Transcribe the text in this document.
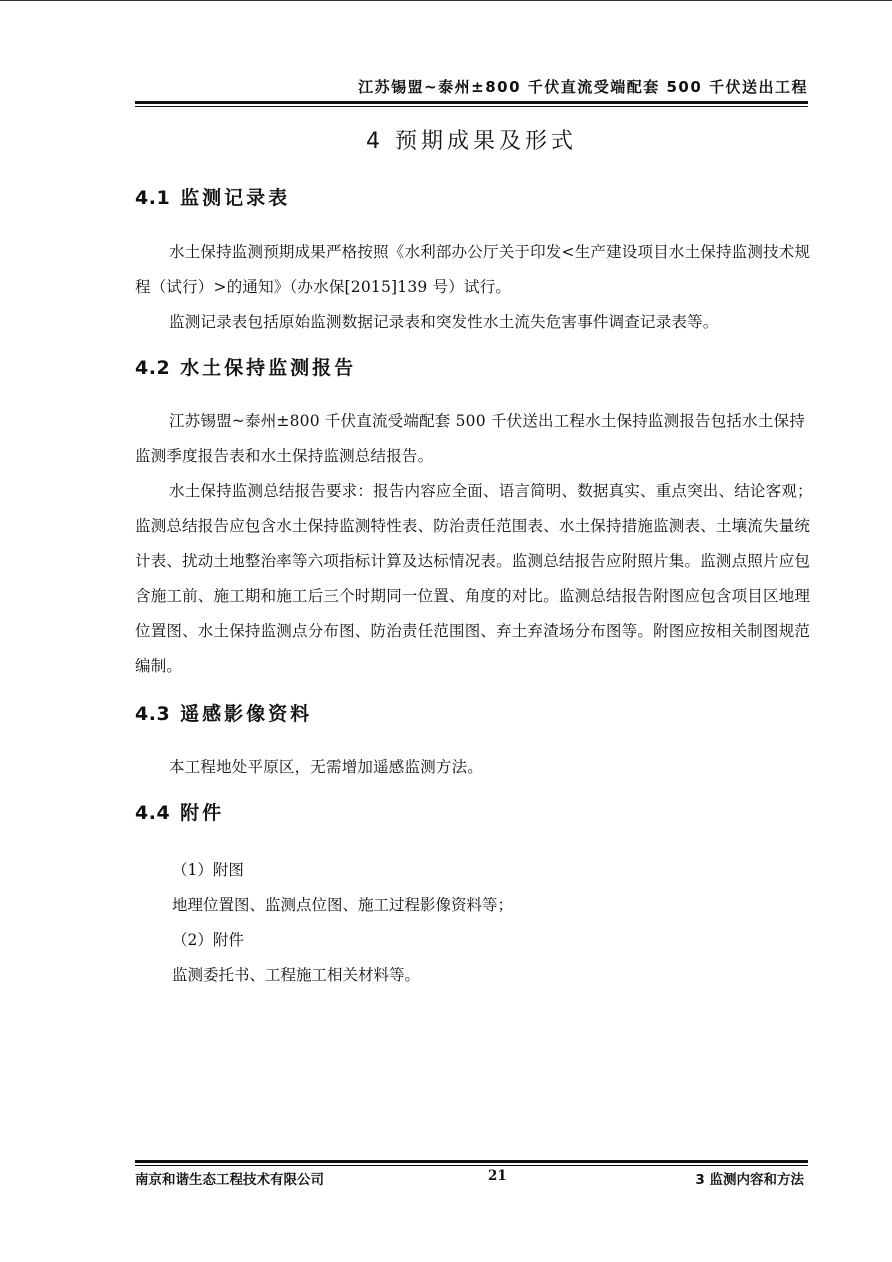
江苏锡盟~泰州±800 千伏直流受端配套 500 千伏送出工程
4 预期成果及形式
4.1 监测记录表
水土保持监测预期成果严格按照《水利部办公厅关于印发<生产建设项目水土保持监测技术规程（试行）>的通知》（办水保[2015]139 号）试行。
监测记录表包括原始监测数据记录表和突发性水土流失危害事件调查记录表等。
4.2 水土保持监测报告
江苏锡盟~泰州±800 千伏直流受端配套 500 千伏送出工程水土保持监测报告包括水土保持监测季度报告表和水土保持监测总结报告。
水土保持监测总结报告要求：报告内容应全面、语言简明、数据真实、重点突出、结论客观；监测总结报告应包含水土保持监测特性表、防治责任范围表、水土保持措施监测表、土壤流失量统计表、扰动土地整治率等六项指标计算及达标情况表。监测总结报告应附照片集。监测点照片应包含施工前、施工期和施工后三个时期同一位置、角度的对比。监测总结报告附图应包含项目区地理位置图、水土保持监测点分布图、防治责任范围图、弃土弃渣场分布图等。附图应按相关制图规范编制。
4.3 遥感影像资料
本工程地处平原区，无需增加遥感监测方法。
4.4 附件
（1）附图
地理位置图、监测点位图、施工过程影像资料等；
（2）附件
监测委托书、工程施工相关材料等。
南京和谐生态工程技术有限公司	21	3 监测内容和方法
